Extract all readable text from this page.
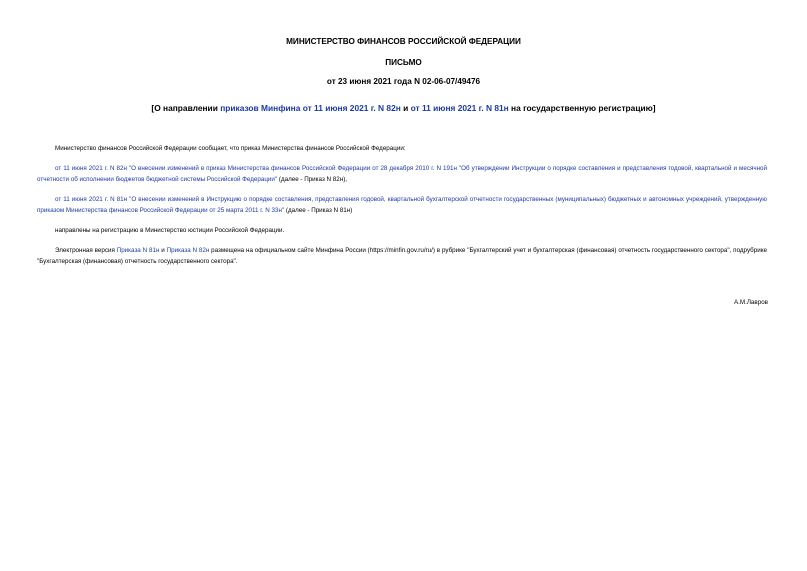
МИНИСТЕРСТВО ФИНАНСОВ РОССИЙСКОЙ ФЕДЕРАЦИИ
ПИСЬМО
от 23 июня 2021 года N 02-06-07/49476
[О направлении приказов Минфина от 11 июня 2021 г. N 82н и от 11 июня 2021 г. N 81н на государственную регистрацию]

Министерство финансов Российской Федерации сообщает, что приказ Министерства финансов Российской Федерации:

от 11 июня 2021 г. N 82н "О внесении изменений в приказ Министерства финансов Российской Федерации от 28 декабря 2010 г. N 191н "Об утверждении Инструкции о порядке составления и представления годовой, квартальной и месячной отчетности об исполнении бюджетов бюджетной системы Российской Федерации" (далее - Приказ N 82н),

от 11 июня 2021 г. N 81н "О внесении изменений в Инструкцию о порядке составления, представления годовой, квартальной бухгалтерской отчетности государственных (муниципальных) бюджетных и автономных учреждений, утвержденную приказом Министерства финансов Российской Федерации от 25 марта 2011 г. N 33н" (далее - Приказ N 81н)

направлены на регистрацию в Министерство юстиции Российской Федерации.

Электронная версия Приказа N 81н и Приказа N 82н размещена на официальном сайте Минфина России (https://minfin.gov.ru/ru/) в рубрике "Бухгалтерский учет и бухгалтерская (финансовая) отчетность государственного сектора", подрубрике "Бухгалтерская (финансовая) отчетность государственного сектора".

А.М.Лавров
